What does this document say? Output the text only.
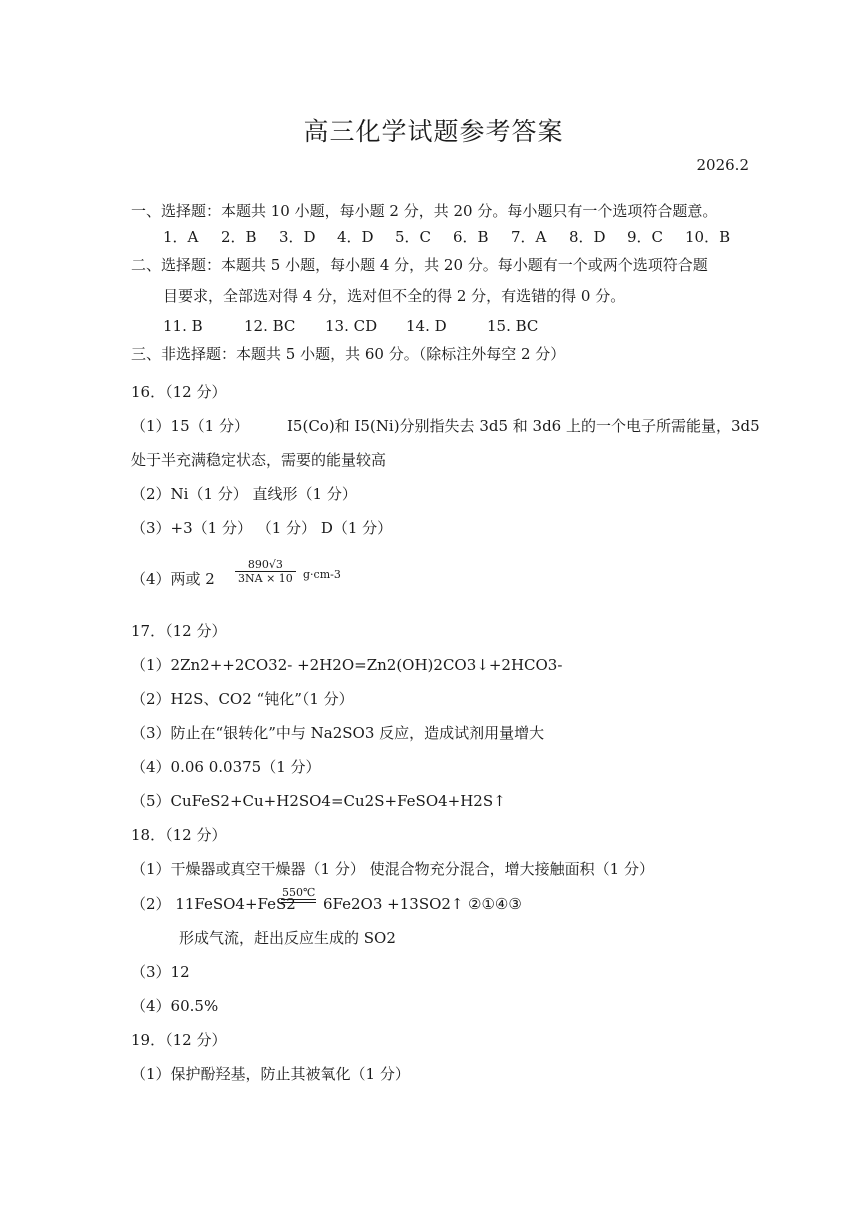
高三化学试题参考答案
2026.2
一、选择题：本题共 10 小题，每小题 2 分，共 20 分。每小题只有一个选项符合题意。
1．A	2．B	3．D	4．D	5．C	6．B	7．A	8．D	9．C	10．B
二、选择题：本题共 5 小题，每小题 4 分，共 20 分。每小题有一个或两个选项符合题
目要求，全部选对得 4 分，选对但不全的得 2 分，有选错的得 0 分。
11. B	12. BC	13. CD	14. D	15. BC
三、非选择题：本题共 5 小题，共 60 分。（除标注外每空 2 分）
16．（12 分）
（1）15（1 分）	I5(Co)和 I5(Ni)分别指失去 3d5 和 3d6 上的一个电子所需能量，3d5
处于半充满稳定状态，需要的能量较高
（2）Ni（1 分） 直线形（1 分）
（3）+3（1 分） （1 分） D（1 分）
（4）两或 $2 \frac{890√3}{3NA \times 10} g\cdot cm-3$
17．（12 分）
（1）2Zn2++2CO32- +2H2O=Zn2(OH)2CO3↓+2HCO3-
（2）H2S、CO2 “钝化”（1 分）
（3）防止在“银转化”中与 Na2SO3 反应，造成试剂用量增大
（4）0.06 0.0375（1 分）
（5）CuFeS2+Cu+H2SO4=Cu2S+FeSO4+H2S↑
18．（12 分）
（1）干燥器或真空干燥器（1 分） 使混合物充分混合，增大接触面积（1 分）
（2） 11FeSO4+FeS2
550℃
6Fe2O3 +13SO2↑ ②①④③
形成气流，赶出反应生成的 SO2
（3）12
（4）60.5%
19．（12 分）
（1）保护酚羟基，防止其被氧化（1 分）
